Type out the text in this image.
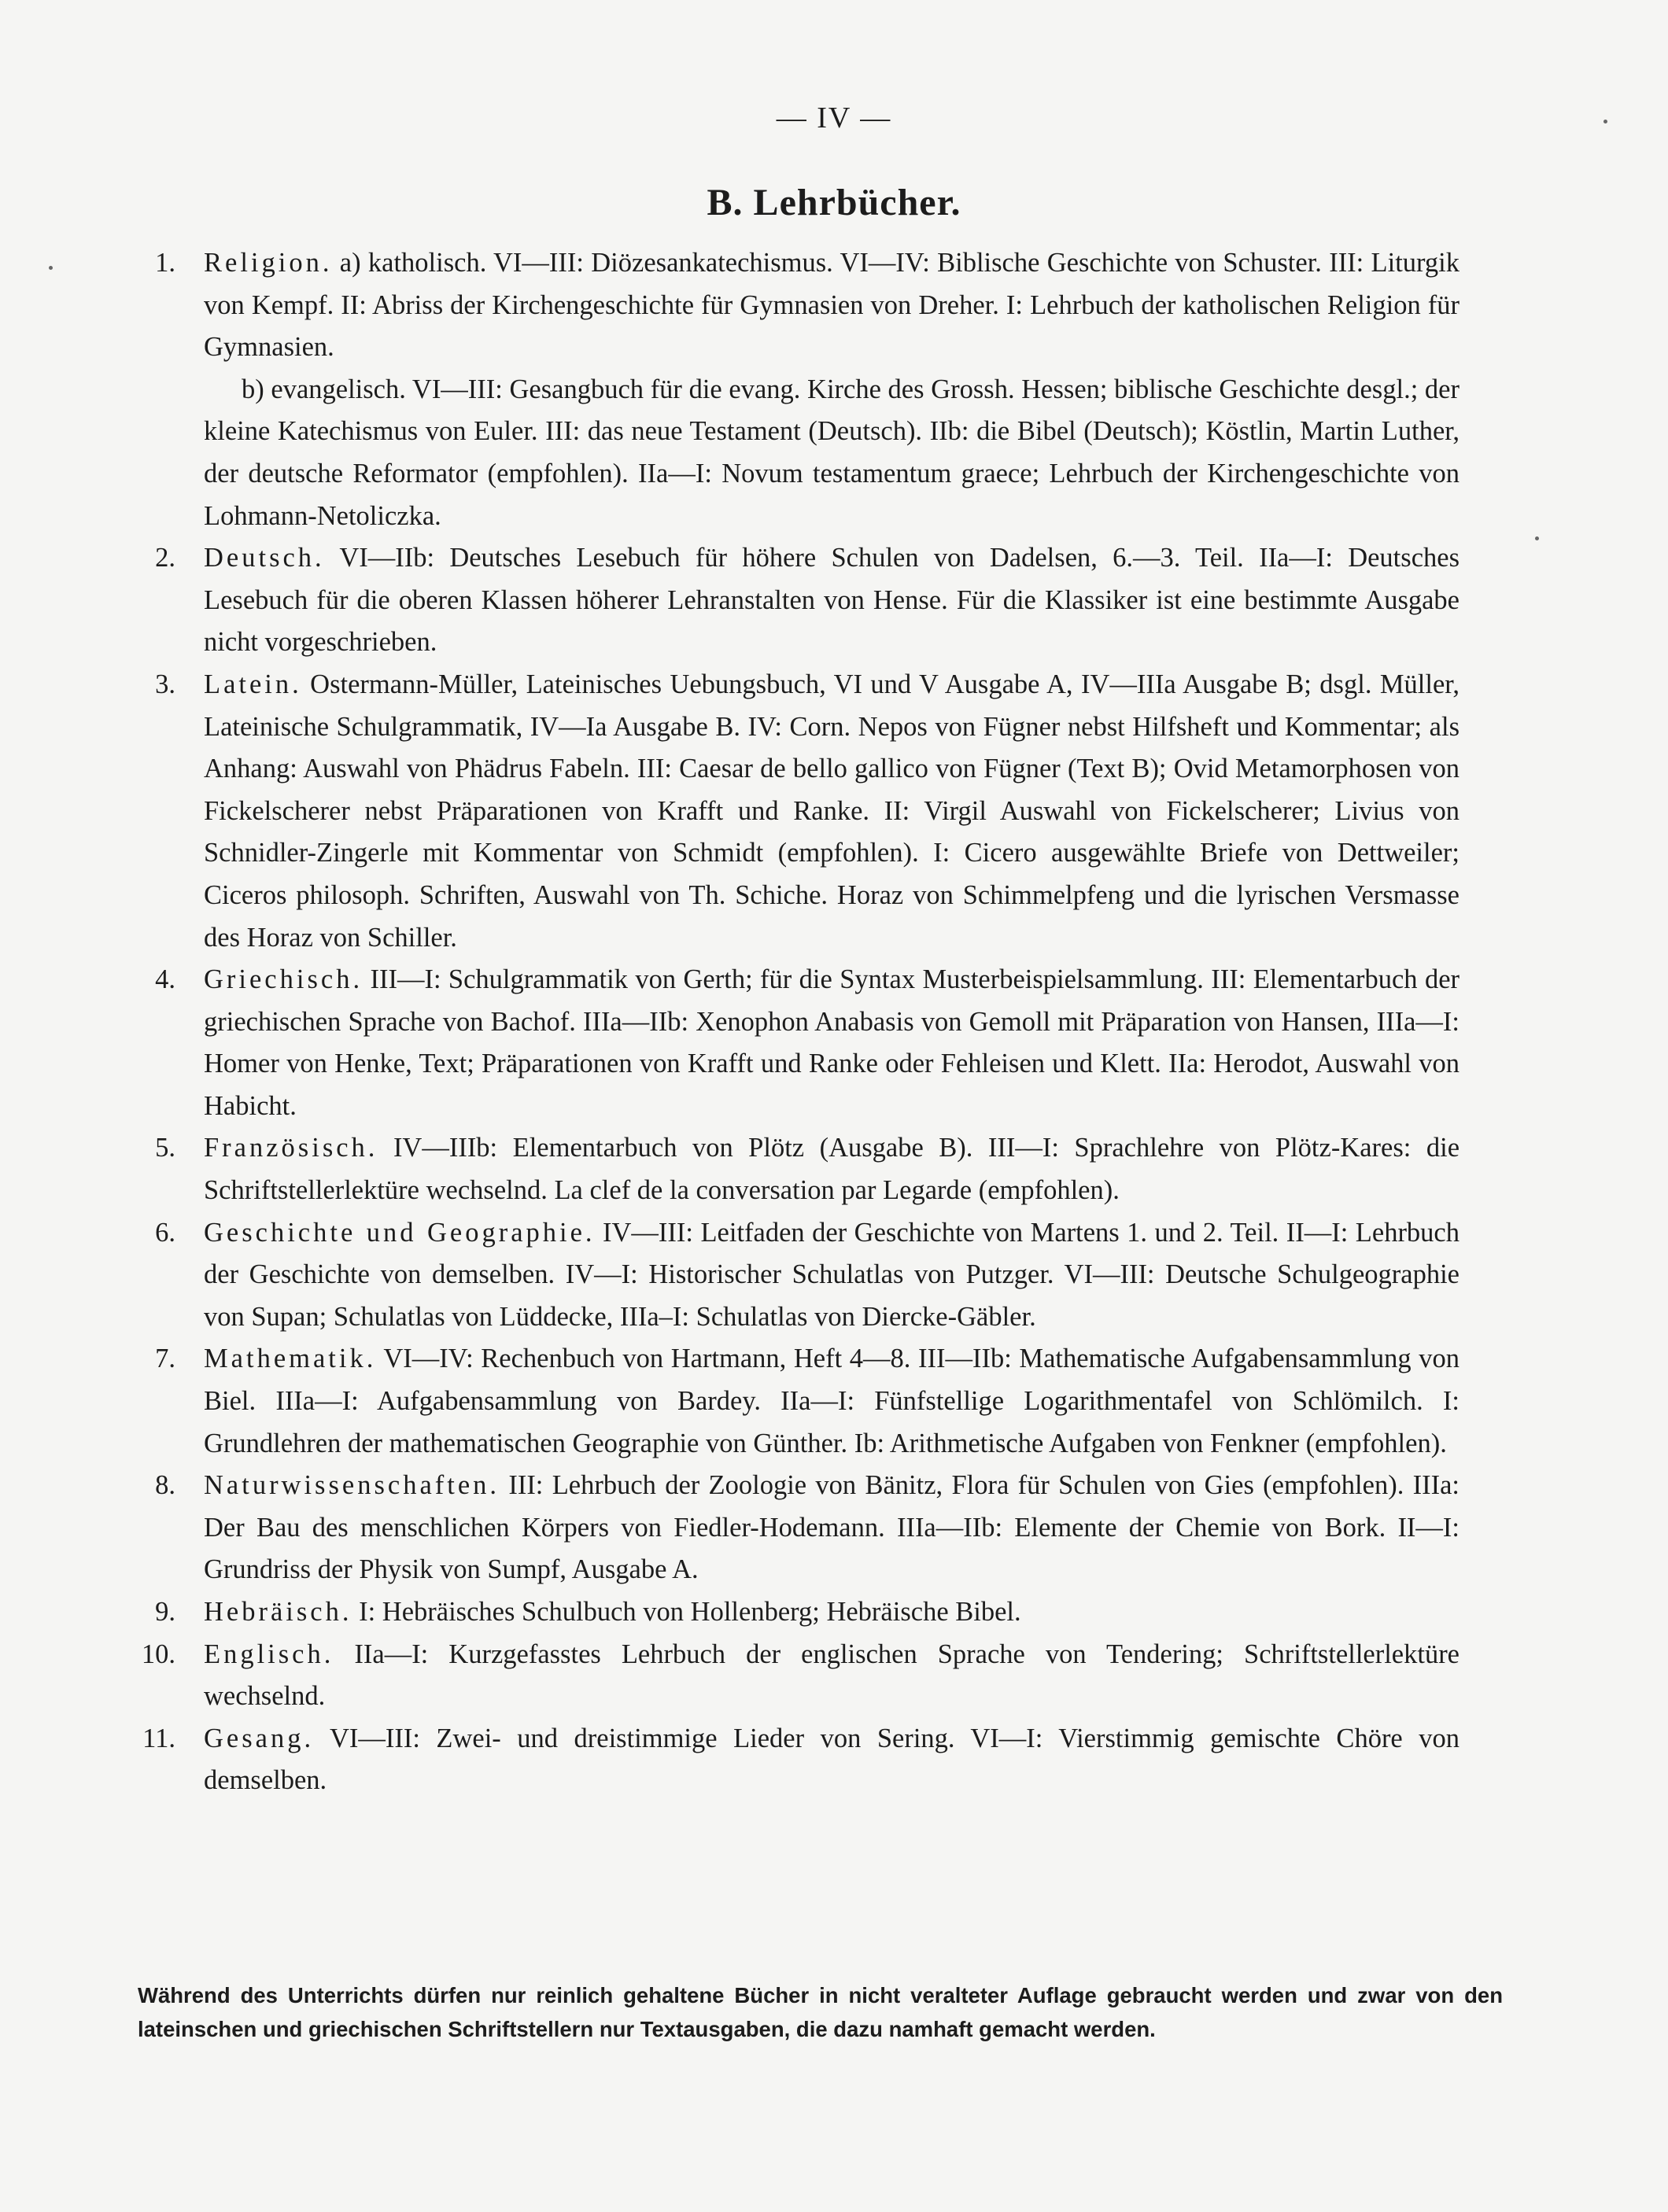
— IV —
B. Lehrbücher.
1. Religion. a) katholisch. VI—III: Diözesankatechismus. VI—IV: Biblische Geschichte von Schuster. III: Liturgik von Kempf. II: Abriss der Kirchengeschichte für Gymnasien von Dreher. I: Lehrbuch der katholischen Religion für Gymnasien.
b) evangelisch. VI—III: Gesangbuch für die evang. Kirche des Grossh. Hessen; biblische Geschichte desgl.; der kleine Katechismus von Euler. III: das neue Testament (Deutsch). IIb: die Bibel (Deutsch); Köstlin, Martin Luther, der deutsche Reformator (empfohlen). IIa—I: Novum testamentum graece; Lehrbuch der Kirchengeschichte von Lohmann-Netoliczka.
2. Deutsch. VI—IIb: Deutsches Lesebuch für höhere Schulen von Dadelsen, 6.—3. Teil. IIa—I: Deutsches Lesebuch für die oberen Klassen höherer Lehranstalten von Hense. Für die Klassiker ist eine bestimmte Ausgabe nicht vorgeschrieben.
3. Latein. Ostermann-Müller, Lateinisches Uebungsbuch, VI und V Ausgabe A, IV—IIIa Ausgabe B; dsgl. Müller, Lateinische Schulgrammatik, IV—Ia Ausgabe B. IV: Corn. Nepos von Fügner nebst Hilfsheft und Kommentar; als Anhang: Auswahl von Phädrus Fabeln. III: Caesar de bello gallico von Fügner (Text B); Ovid Metamorphosen von Fickelscherer nebst Präparationen von Krafft und Ranke. II: Virgil Auswahl von Fickelscherer; Livius von Schnidler-Zingerle mit Kommentar von Schmidt (empfohlen). I: Cicero ausgewählte Briefe von Dettweiler; Ciceros philosoph. Schriften, Auswahl von Th. Schiche. Horaz von Schimmelpfeng und die lyrischen Versmasse des Horaz von Schiller.
4. Griechisch. III—I: Schulgrammatik von Gerth; für die Syntax Musterbeispielsammlung. III: Elementarbuch der griechischen Sprache von Bachof. IIIa—IIb: Xenophon Anabasis von Gemoll mit Präparation von Hansen, IIIa—I: Homer von Henke, Text; Präparationen von Krafft und Ranke oder Fehleisen und Klett. IIa: Herodot, Auswahl von Habicht.
5. Französisch. IV—IIIb: Elementarbuch von Plötz (Ausgabe B). III—I: Sprachlehre von Plötz-Kares: die Schriftstellerlektüre wechselnd. La clef de la conversation par Legarde (empfohlen).
6. Geschichte und Geographie. IV—III: Leitfaden der Geschichte von Martens 1. und 2. Teil. II—I: Lehrbuch der Geschichte von demselben. IV—I: Historischer Schulatlas von Putzger. VI—III: Deutsche Schulgeographie von Supan; Schulatlas von Lüddecke, IIIa–I: Schulatlas von Diercke-Gäbler.
7. Mathematik. VI—IV: Rechenbuch von Hartmann, Heft 4—8. III—IIb: Mathematische Aufgabensammlung von Biel. IIIa—I: Aufgabensammlung von Bardey. IIa—I: Fünfstellige Logarithmentafel von Schlömilch. I: Grundlehren der mathematischen Geographie von Günther. Ib: Arithmetische Aufgaben von Fenkner (empfohlen).
8. Naturwissenschaften. III: Lehrbuch der Zoologie von Bänitz, Flora für Schulen von Gies (empfohlen). IIIa: Der Bau des menschlichen Körpers von Fiedler-Hodemann. IIIa—IIb: Elemente der Chemie von Bork. II—I: Grundriss der Physik von Sumpf, Ausgabe A.
9. Hebräisch. I: Hebräisches Schulbuch von Hollenberg; Hebräische Bibel.
10. Englisch. IIa—I: Kurzgefasstes Lehrbuch der englischen Sprache von Tendering; Schriftstellerlektüre wechselnd.
11. Gesang. VI—III: Zwei- und dreistimmige Lieder von Sering. VI—I: Vierstimmig gemischte Chöre von demselben.
Während des Unterrichts dürfen nur reinlich gehaltene Bücher in nicht veralteter Auflage gebraucht werden und zwar von den lateinschen und griechischen Schriftstellern nur Textausgaben, die dazu namhaft gemacht werden.
